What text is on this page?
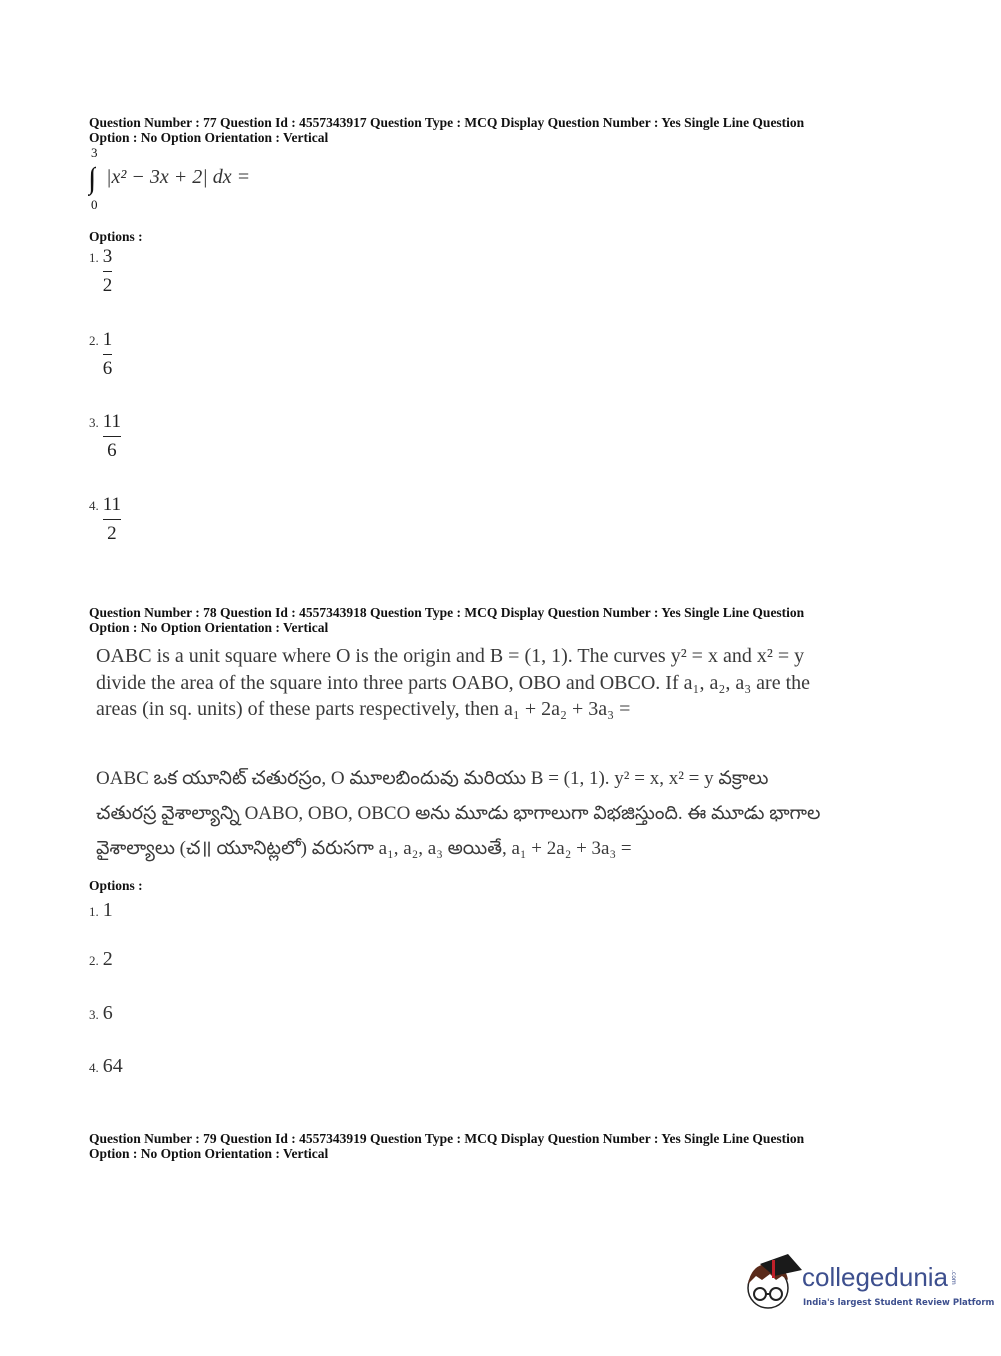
Question Number : 77 Question Id : 4557343917 Question Type : MCQ Display Question Number : Yes Single Line Question
Option : No Option Orientation : Vertical
3
∫
0
|x² − 3x + 2| dx =
Options :
1. $\frac{3}{2}$
2. $\frac{1}{6}$
3. $\frac{11}{6}$
4. $\frac{11}{2}$
Question Number : 78 Question Id : 4557343918 Question Type : MCQ Display Question Number : Yes Single Line Question
Option : No Option Orientation : Vertical
OABC is a unit square where O is the origin and B = (1, 1). The curves y² = x and x² = y
divide the area of the square into three parts OABO, OBO and OBCO. If a₁, a₂, a₃ are the
areas (in sq. units) of these parts respectively, then a₁ + 2a₂ + 3a₃ =
OABC ఒక యూనిట్ చతురస్రం, O మూలబిందువు మరియు B = (1, 1). y² = x, x² = y వక్రాలు
చతురస్ర వైశాల్యాన్ని OABO, OBO, OBCO అను మూడు భాగాలుగా విభజిస్తుంది. ఈ మూడు భాగాల
వైశాల్యాలు (చ॥ యూనిట్లలో) వరుసగా a₁, a₂, a₃ అయితే, a₁ + 2a₂ + 3a₃ =
Options :
1. 1
2. 2
3. 6
4. 64
Question Number : 79 Question Id : 4557343919 Question Type : MCQ Display Question Number : Yes Single Line Question
Option : No Option Orientation : Vertical
collegedunia .com
India's largest Student Review Platform
